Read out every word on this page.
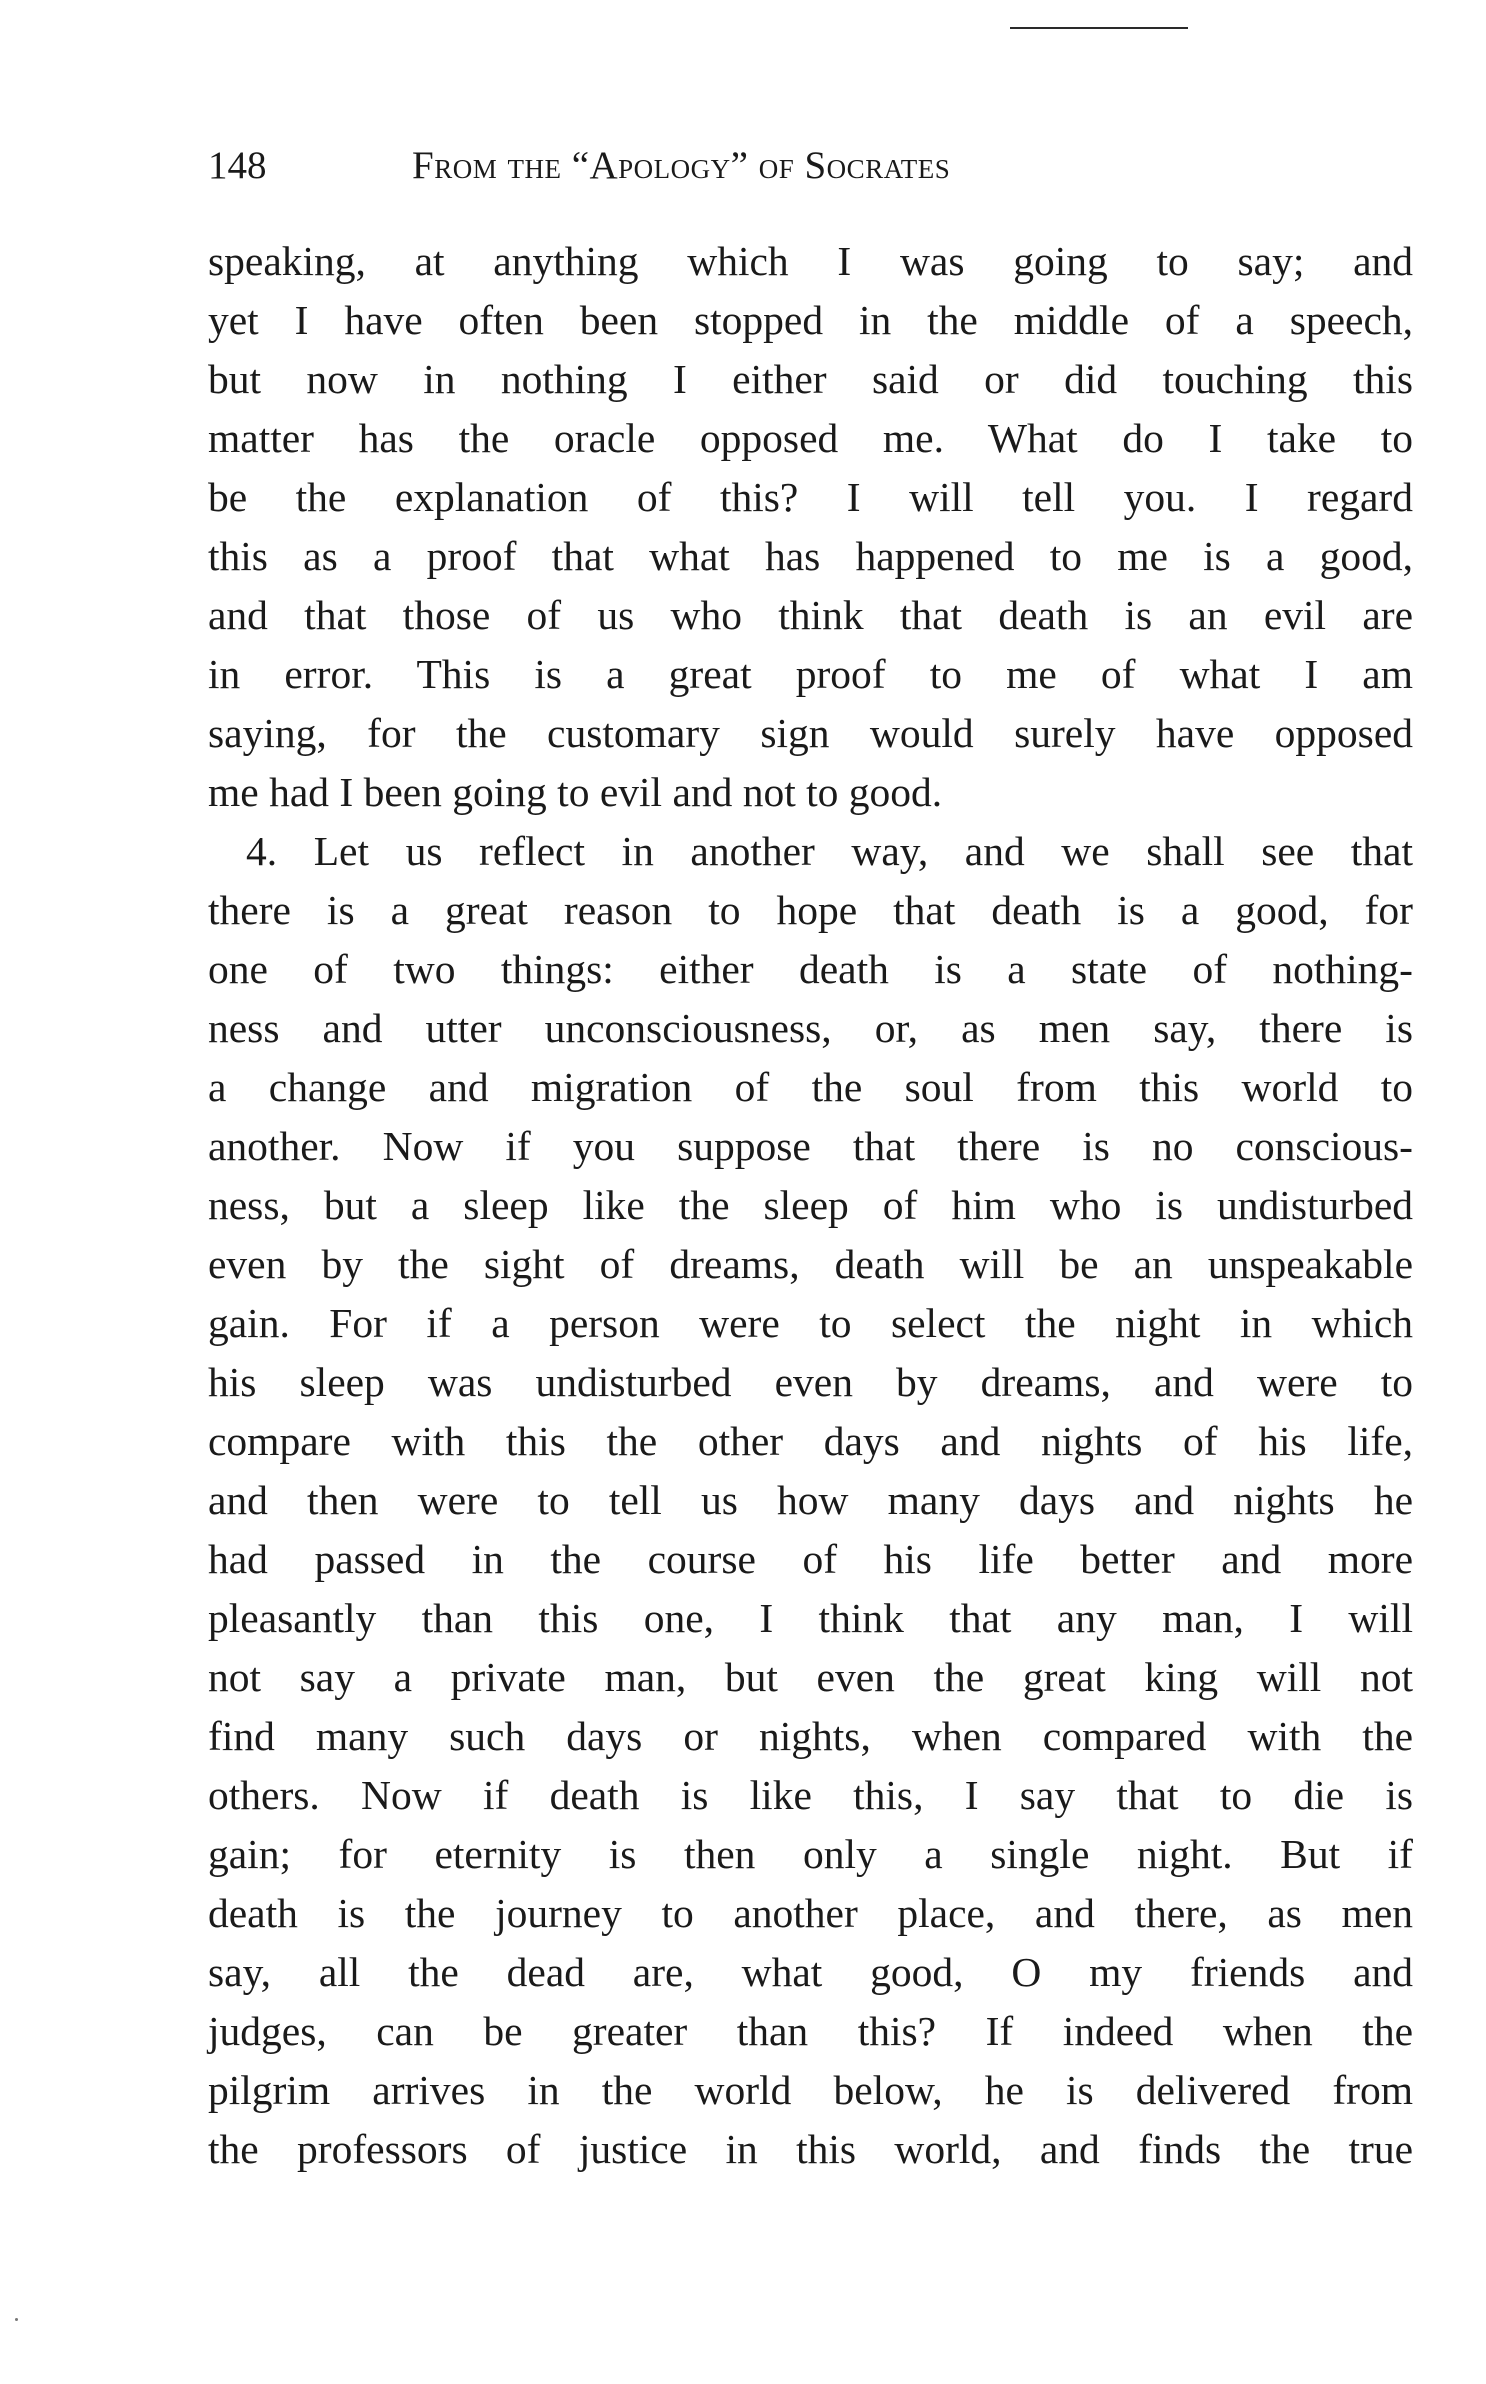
148	From the “Apology” of Socrates
speaking, at anything which I was going to say; and
yet I have often been stopped in the middle of a speech,
but now in nothing I either said or did touching this
matter has the oracle opposed me. What do I take to
be the explanation of this? I will tell you. I regard
this as a proof that what has happened to me is a good,
and that those of us who think that death is an evil are
in error. This is a great proof to me of what I am
saying, for the customary sign would surely have opposed
me had I been going to evil and not to good.
4. Let us reflect in another way, and we shall see that
there is a great reason to hope that death is a good, for
one of two things: either death is a state of nothing-
ness and utter unconsciousness, or, as men say, there is
a change and migration of the soul from this world to
another. Now if you suppose that there is no conscious-
ness, but a sleep like the sleep of him who is undisturbed
even by the sight of dreams, death will be an unspeakable
gain. For if a person were to select the night in which
his sleep was undisturbed even by dreams, and were to
compare with this the other days and nights of his life,
and then were to tell us how many days and nights he
had passed in the course of his life better and more
pleasantly than this one, I think that any man, I will
not say a private man, but even the great king will not
find many such days or nights, when compared with the
others. Now if death is like this, I say that to die is
gain; for eternity is then only a single night. But if
death is the journey to another place, and there, as men
say, all the dead are, what good, O my friends and
judges, can be greater than this? If indeed when the
pilgrim arrives in the world below, he is delivered from
the professors of justice in this world, and finds the true
